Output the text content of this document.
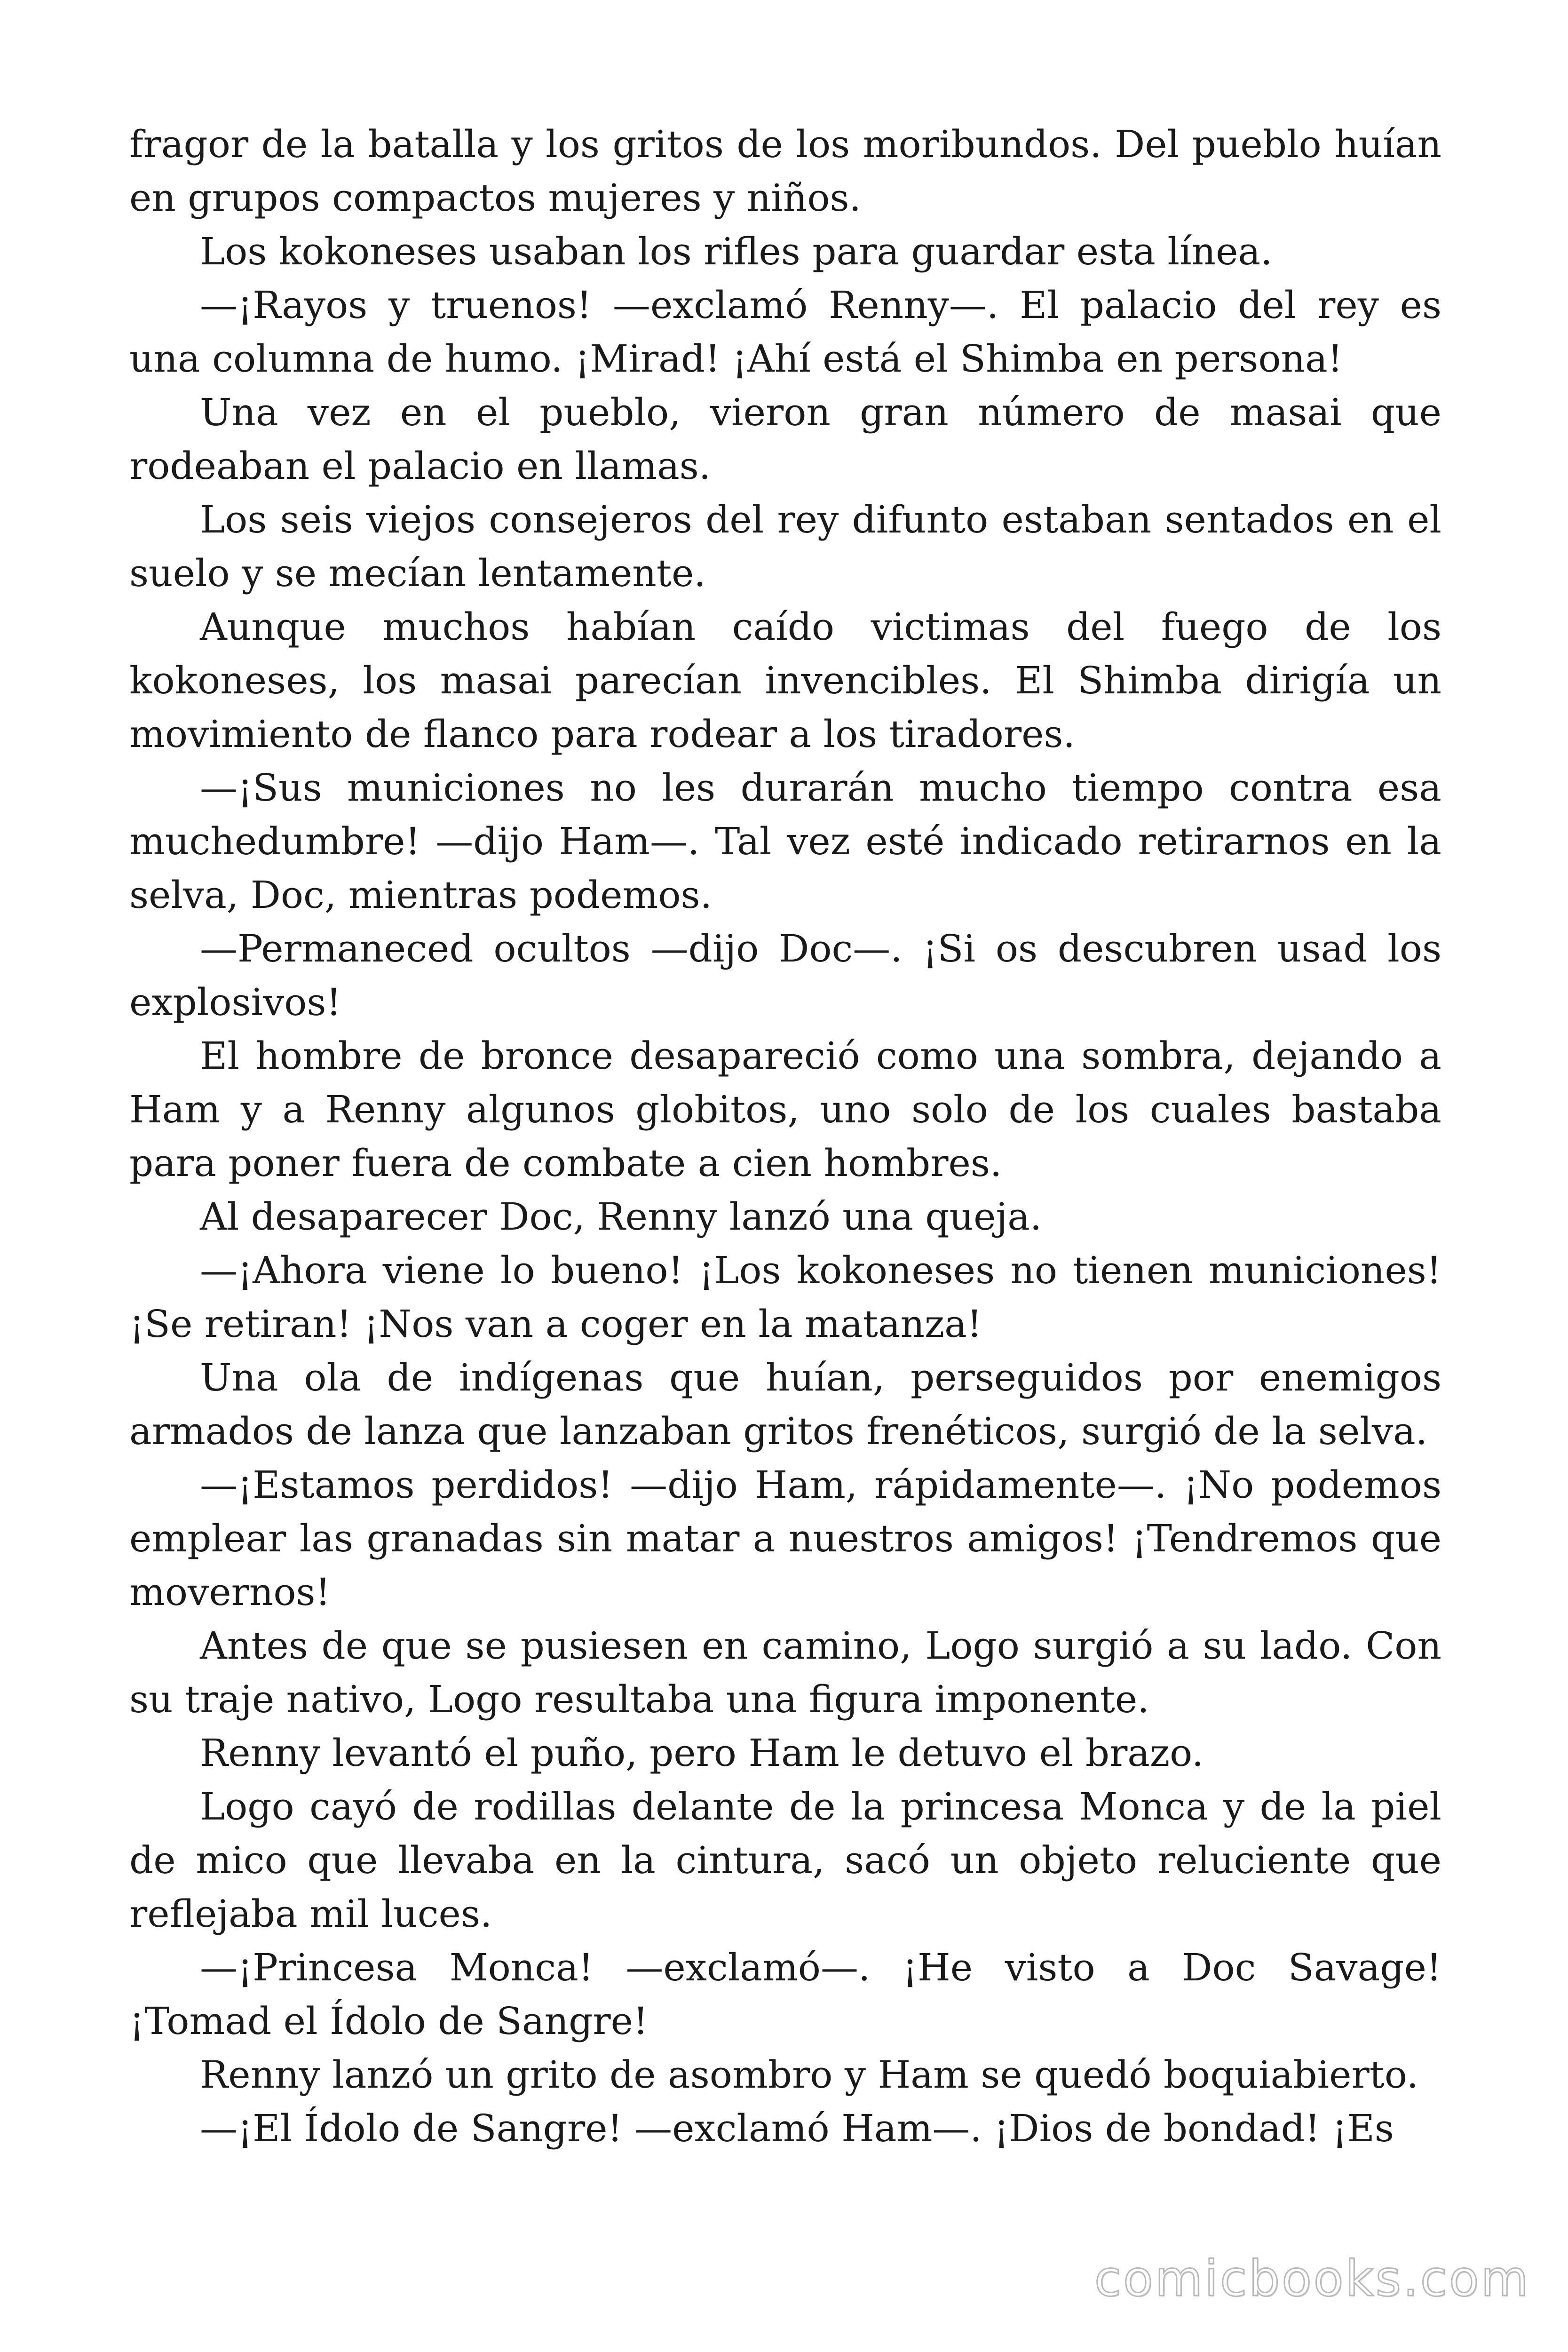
fragor de la batalla y los gritos de los moribundos. Del pueblo huían en grupos compactos mujeres y niños.

Los kokoneses usaban los rifles para guardar esta línea.

—¡Rayos y truenos! —exclamó Renny—. El palacio del rey es una columna de humo. ¡Mirad! ¡Ahí está el Shimba en persona!

Una vez en el pueblo, vieron gran número de masai que rodeaban el palacio en llamas.

Los seis viejos consejeros del rey difunto estaban sentados en el suelo y se mecían lentamente.

Aunque muchos habían caído victimas del fuego de los kokoneses, los masai parecían invencibles. El Shimba dirigía un movimiento de flanco para rodear a los tiradores.

—¡Sus municiones no les durarán mucho tiempo contra esa muchedumbre! —dijo Ham—. Tal vez esté indicado retirarnos en la selva, Doc, mientras podemos.

—Permaneced ocultos —dijo Doc—. ¡Si os descubren usad los explosivos!

El hombre de bronce desapareció como una sombra, dejando a Ham y a Renny algunos globitos, uno solo de los cuales bastaba para poner fuera de combate a cien hombres.

Al desaparecer Doc, Renny lanzó una queja.

—¡Ahora viene lo bueno! ¡Los kokoneses no tienen municiones! ¡Se retiran! ¡Nos van a coger en la matanza!

Una ola de indígenas que huían, perseguidos por enemigos armados de lanza que lanzaban gritos frenéticos, surgió de la selva.

—¡Estamos perdidos! —dijo Ham, rápidamente—. ¡No podemos emplear las granadas sin matar a nuestros amigos! ¡Tendremos que movernos!

Antes de que se pusiesen en camino, Logo surgió a su lado. Con su traje nativo, Logo resultaba una figura imponente.

Renny levantó el puño, pero Ham le detuvo el brazo.

Logo cayó de rodillas delante de la princesa Monca y de la piel de mico que llevaba en la cintura, sacó un objeto reluciente que reflejaba mil luces.

—¡Princesa Monca! —exclamó—. ¡He visto a Doc Savage! ¡Tomad el Ídolo de Sangre!

Renny lanzó un grito de asombro y Ham se quedó boquiabierto.

—¡El Ídolo de Sangre! —exclamó Ham—. ¡Dios de bondad! ¡Es

comicbooks.com
